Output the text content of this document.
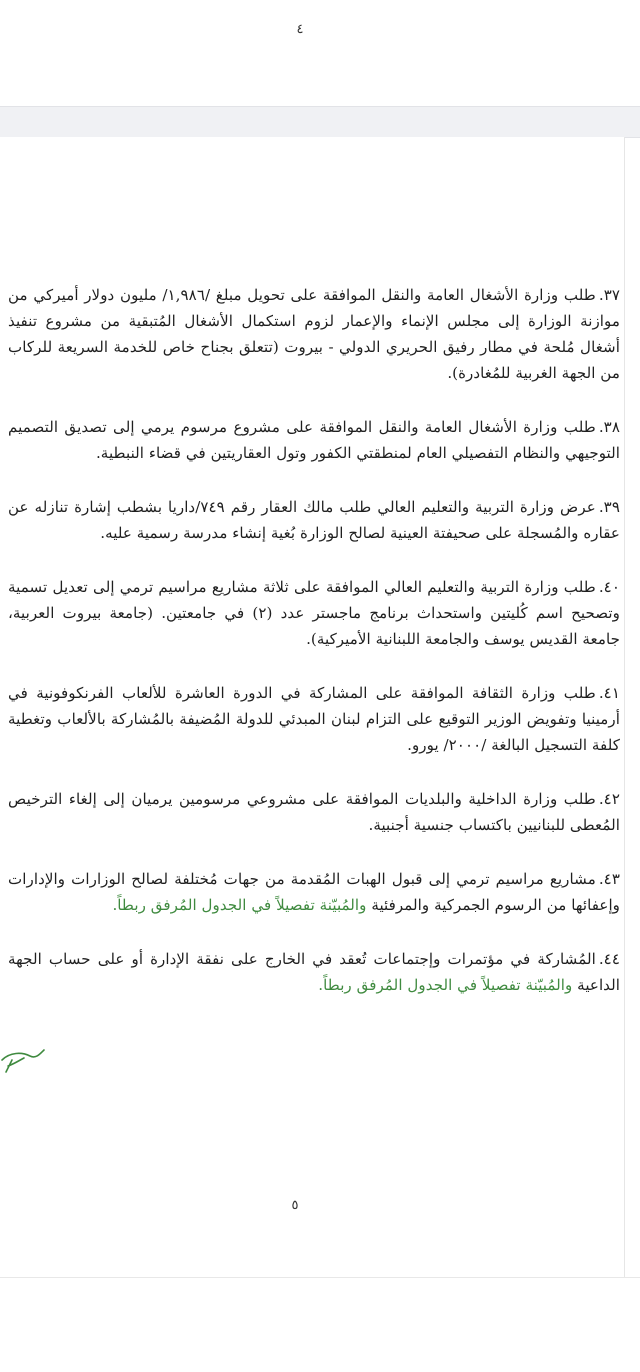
٤

٣٧.طلب وزارة الأشغال العامة والنقل الموافقة على تحويل مبلغ /١,٩٨٦/ مليون دولار أميركي من موازنة الوزارة إلى مجلس الإنماء والإعمار لزوم استكمال الأشغال المُتبقية من مشروع تنفيذ أشغال مُلحة في مطار رفيق الحريري الدولي - بيروت (تتعلق بجناح خاص للخدمة السريعة للركاب من الجهة الغربية للمُغادرة).

٣٨.طلب وزارة الأشغال العامة والنقل الموافقة على مشروع مرسوم يرمي إلى تصديق التصميم التوجيهي والنظام التفصيلي العام لمنطقتي الكفور وتول العقاريتين في قضاء النبطية.

٣٩.عرض وزارة التربية والتعليم العالي طلب مالك العقار رقم ٧٤٩/داريا بشطب إشارة تنازله عن عقاره والمُسجلة على صحيفتة العينية لصالح الوزارة بُغية إنشاء مدرسة رسمية عليه.

٤٠.طلب وزارة التربية والتعليم العالي الموافقة على ثلاثة مشاريع مراسيم ترمي إلى تعديل تسمية وتصحيح اسم كُليتين واستحداث برنامج ماجستر عدد (٢) في جامعتين. (جامعة بيروت العربية، جامعة القديس يوسف والجامعة اللبنانية الأميركية).

٤١.طلب وزارة الثقافة الموافقة على المشاركة في الدورة العاشرة للألعاب الفرنكوفونية في أرمينيا وتفويض الوزير التوقيع على التزام لبنان المبدئي للدولة المُضيفة بالمُشاركة بالألعاب وتغطية كلفة التسجيل البالغة /٢٠٠٠/ يورو.

٤٢.طلب وزارة الداخلية والبلديات الموافقة على مشروعي مرسومين يرميان إلى إلغاء الترخيص المُعطى للبنانيين باكتساب جنسية أجنبية.

٤٣.مشاريع مراسيم ترمي إلى قبول الهبات المُقدمة من جهات مُختلفة لصالح الوزارات والإدارات وإعفائها من الرسوم الجمركية والمرفئية والمُبيّنة تفصيلاً في الجدول المُرفق ربطاً.

٤٤.المُشاركة في مؤتمرات وإجتماعات تُعقد في الخارج على نفقة الإدارة أو على حساب الجهة الداعية والمُبيّنة تفصيلاً في الجدول المُرفق ربطاً.

٥
